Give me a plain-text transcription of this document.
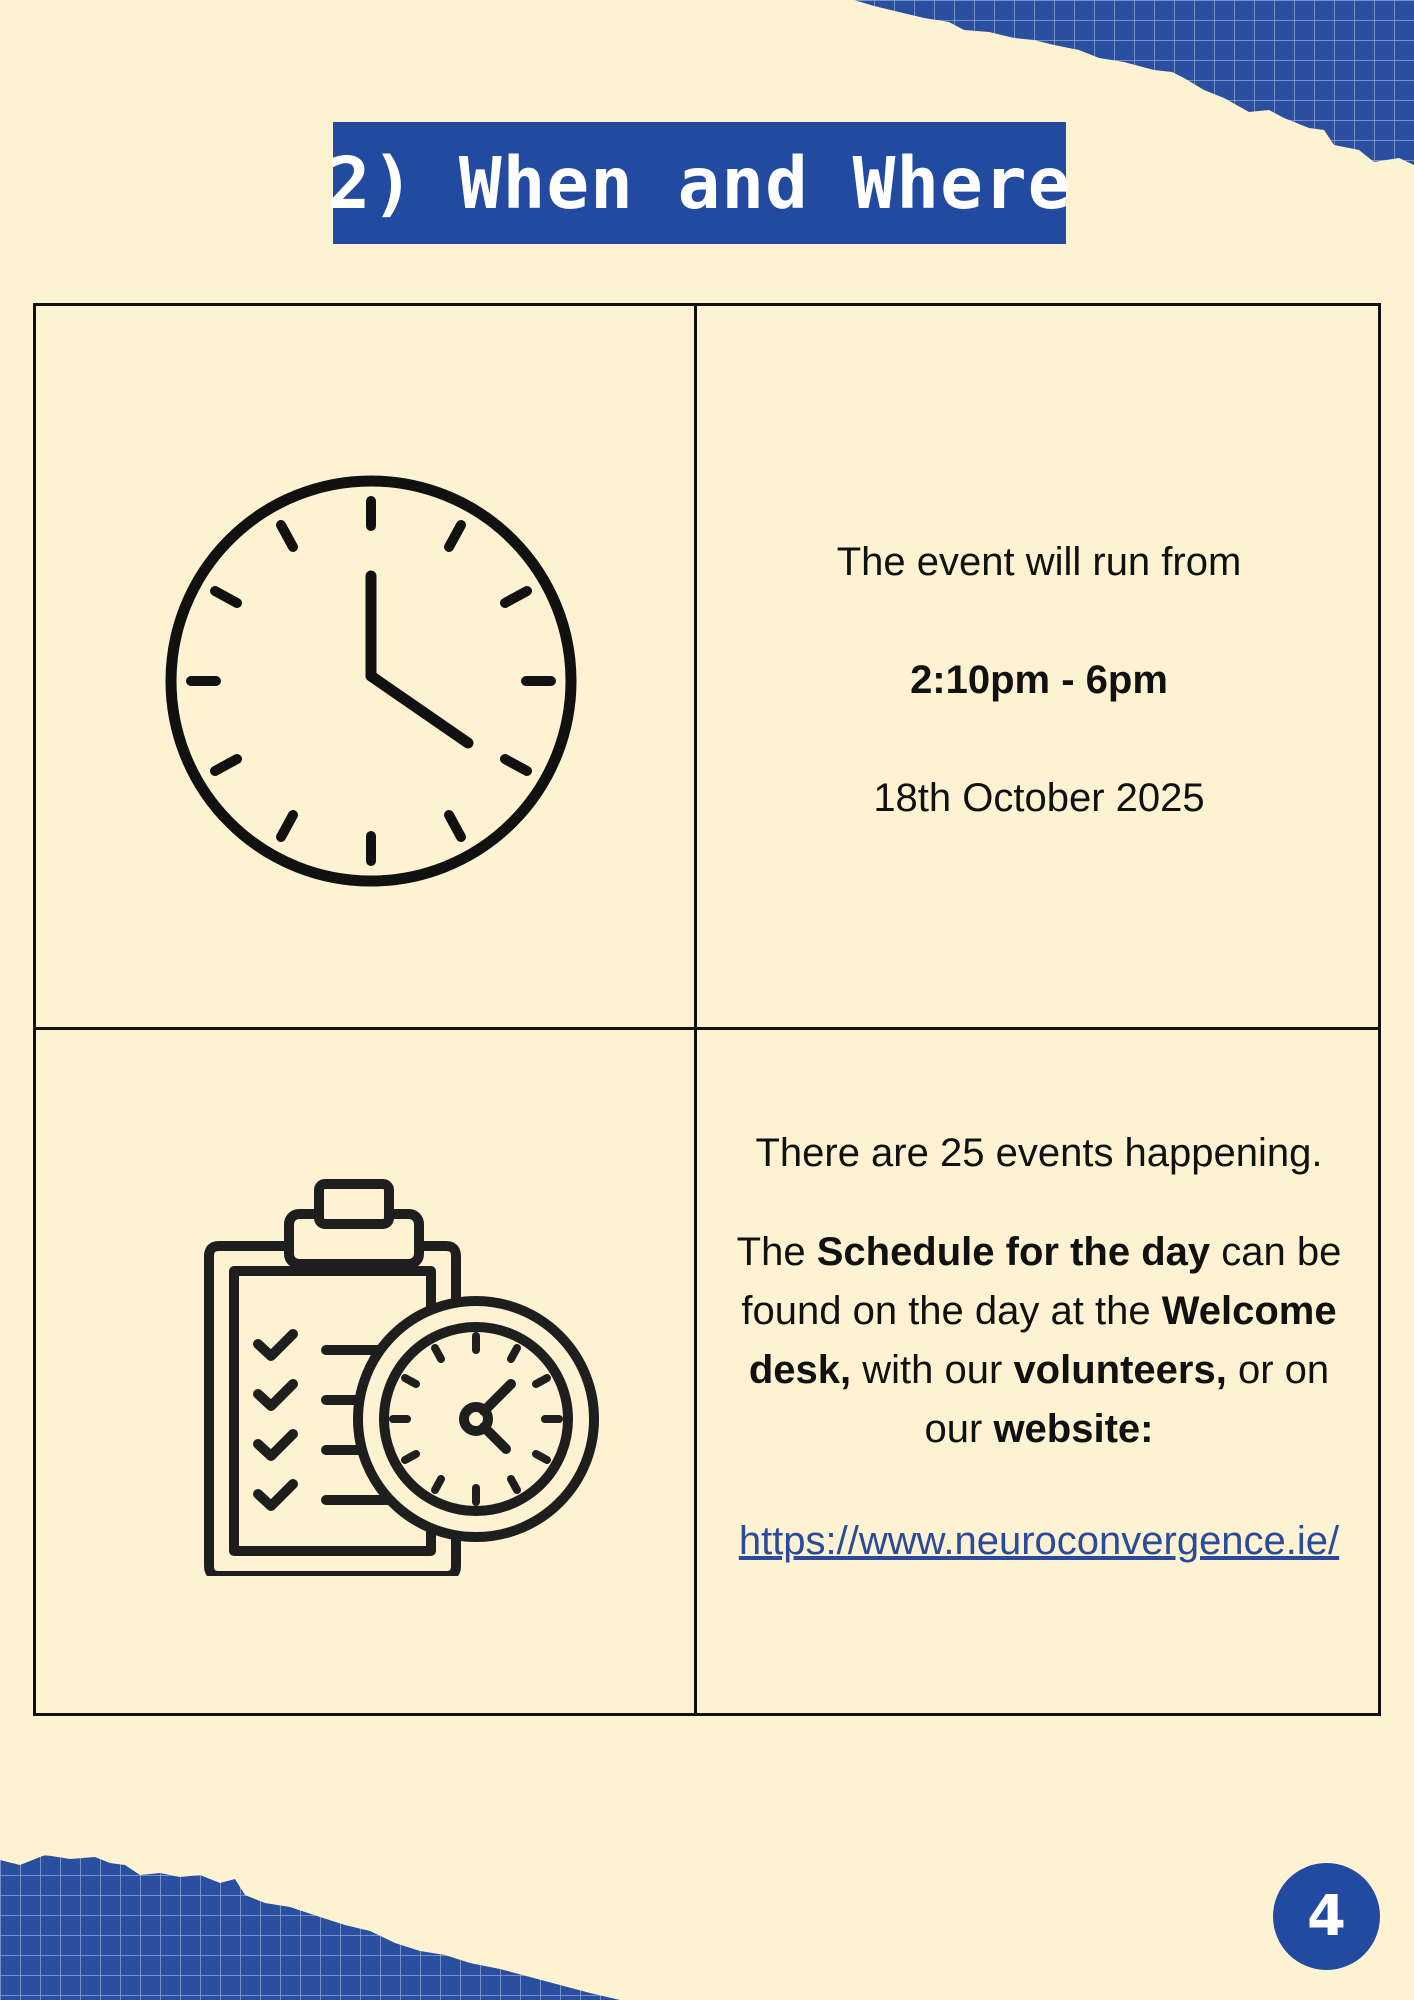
2) When and Where
The event will run from
2:10pm - 6pm
18th October 2025
There are 25 events happening.
The Schedule for the day can be
found on the day at the Welcome
desk, with our volunteers, or on
our website:
https://www.neuroconvergence.ie/
4
